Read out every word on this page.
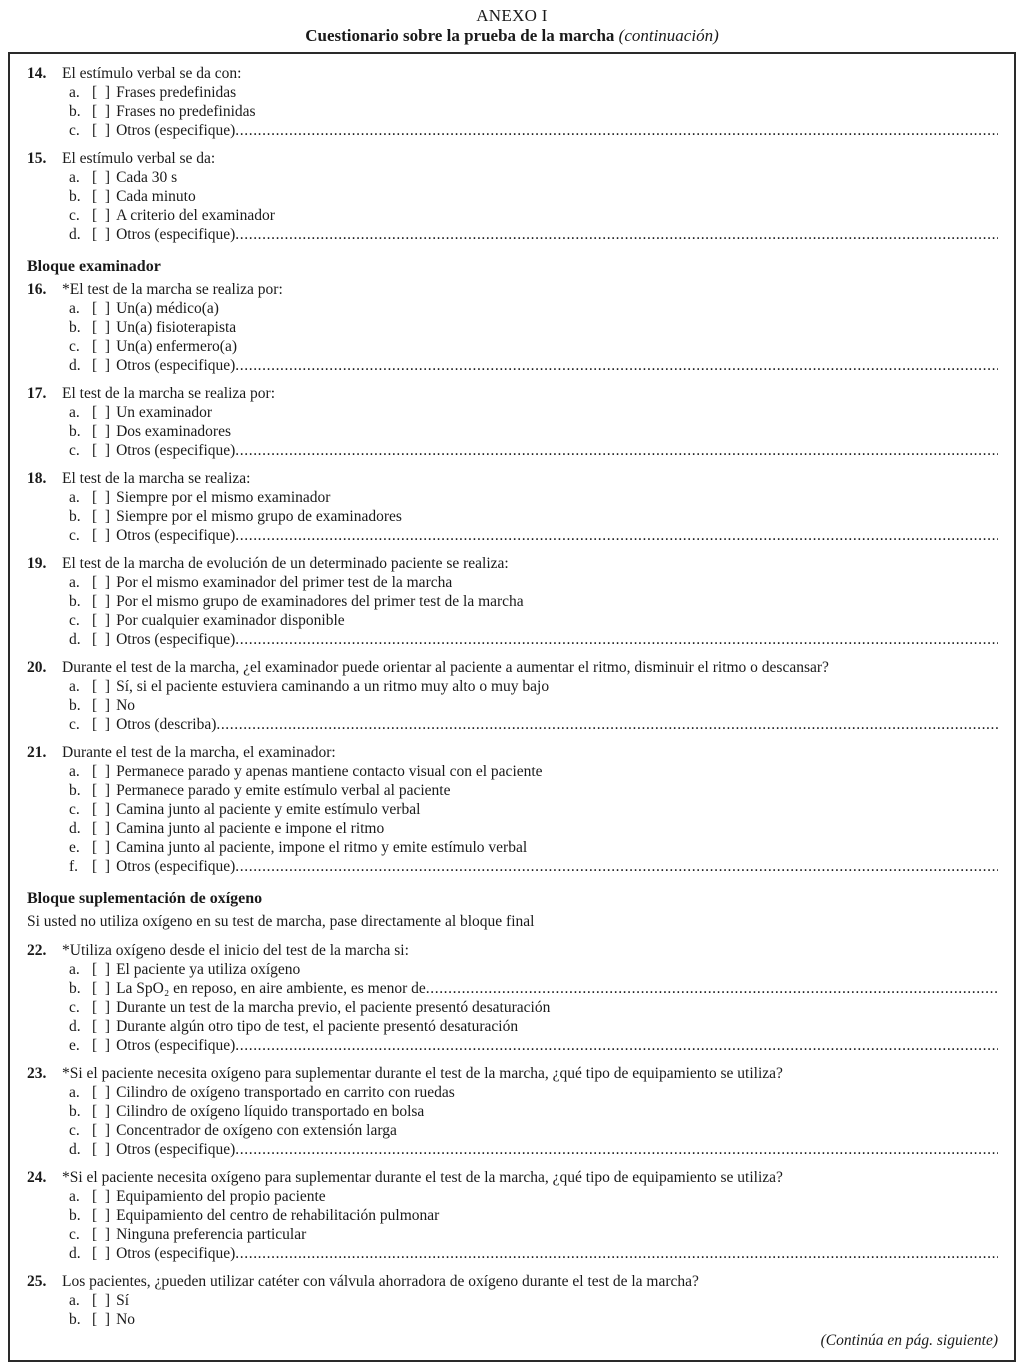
ANEXO I
Cuestionario sobre la prueba de la marcha (continuación)
14.	El estímulo verbal se da con:
a. [  ] Frases predefinidas
b. [  ] Frases no predefinidas
c. [  ] Otros (especifique)
.....
15.	El estímulo verbal se da:
a. [  ] Cada 30 s
b. [  ] Cada minuto
c. [  ] A criterio del examinador
d. [  ] Otros (especifique)
.....
Bloque examinador
16.	*El test de la marcha se realiza por:
a. [  ] Un(a) médico(a)
b. [  ] Un(a) fisioterapista
c. [  ] Un(a) enfermero(a)
d. [  ] Otros (especifique)
.....
17.	El test de la marcha se realiza por:
a. [  ] Un examinador
b. [  ] Dos examinadores
c. [  ] Otros (especifique)
.....
18.	El test de la marcha se realiza:
a. [  ] Siempre por el mismo examinador
b. [  ] Siempre por el mismo grupo de examinadores
c. [  ] Otros (especifique)
.....
19.	El test de la marcha de evolución de un determinado paciente se realiza:
a. [  ] Por el mismo examinador del primer test de la marcha
b. [  ] Por el mismo grupo de examinadores del primer test de la marcha
c. [  ] Por cualquier examinador disponible
d. [  ] Otros (especifique)
.....
20.	Durante el test de la marcha, ¿el examinador puede orientar al paciente a aumentar el ritmo, disminuir el ritmo o descansar?
a. [  ] Sí, si el paciente estuviera caminando a un ritmo muy alto o muy bajo
b. [  ] No
c. [  ] Otros (describa)
.....
21.	Durante el test de la marcha, el examinador:
a. [  ] Permanece parado y apenas mantiene contacto visual con el paciente
b. [  ] Permanece parado y emite estímulo verbal al paciente
c. [  ] Camina junto al paciente y emite estímulo verbal
d. [  ] Camina junto al paciente e impone el ritmo
e. [  ] Camina junto al paciente, impone el ritmo y emite estímulo verbal
f. [  ] Otros (especifique)
.....
Bloque suplementación de oxígeno
Si usted no utiliza oxígeno en su test de marcha, pase directamente al bloque final
22.	*Utiliza oxígeno desde el inicio del test de la marcha si:
a. [  ] El paciente ya utiliza oxígeno
b. [  ] La SpO₂ en reposo, en aire ambiente, es menor de
.....
c. [  ] Durante un test de la marcha previo, el paciente presentó desaturación
d. [  ] Durante algún otro tipo de test, el paciente presentó desaturación
e. [  ] Otros (especifique)
.....
23.	*Si el paciente necesita oxígeno para suplementar durante el test de la marcha, ¿qué tipo de equipamiento se utiliza?
a. [  ] Cilindro de oxígeno transportado en carrito con ruedas
b. [  ] Cilindro de oxígeno líquido transportado en bolsa
c. [  ] Concentrador de oxígeno con extensión larga
d. [  ] Otros (especifique)
.....
24.	*Si el paciente necesita oxígeno para suplementar durante el test de la marcha, ¿qué tipo de equipamiento se utiliza?
a. [  ] Equipamiento del propio paciente
b. [  ] Equipamiento del centro de rehabilitación pulmonar
c. [  ] Ninguna preferencia particular
d. [  ] Otros (especifique)
.....
25.	Los pacientes, ¿pueden utilizar catéter con válvula ahorradora de oxígeno durante el test de la marcha?
a. [  ] Sí
b. [  ] No
(Continúa en pág. siguiente)
